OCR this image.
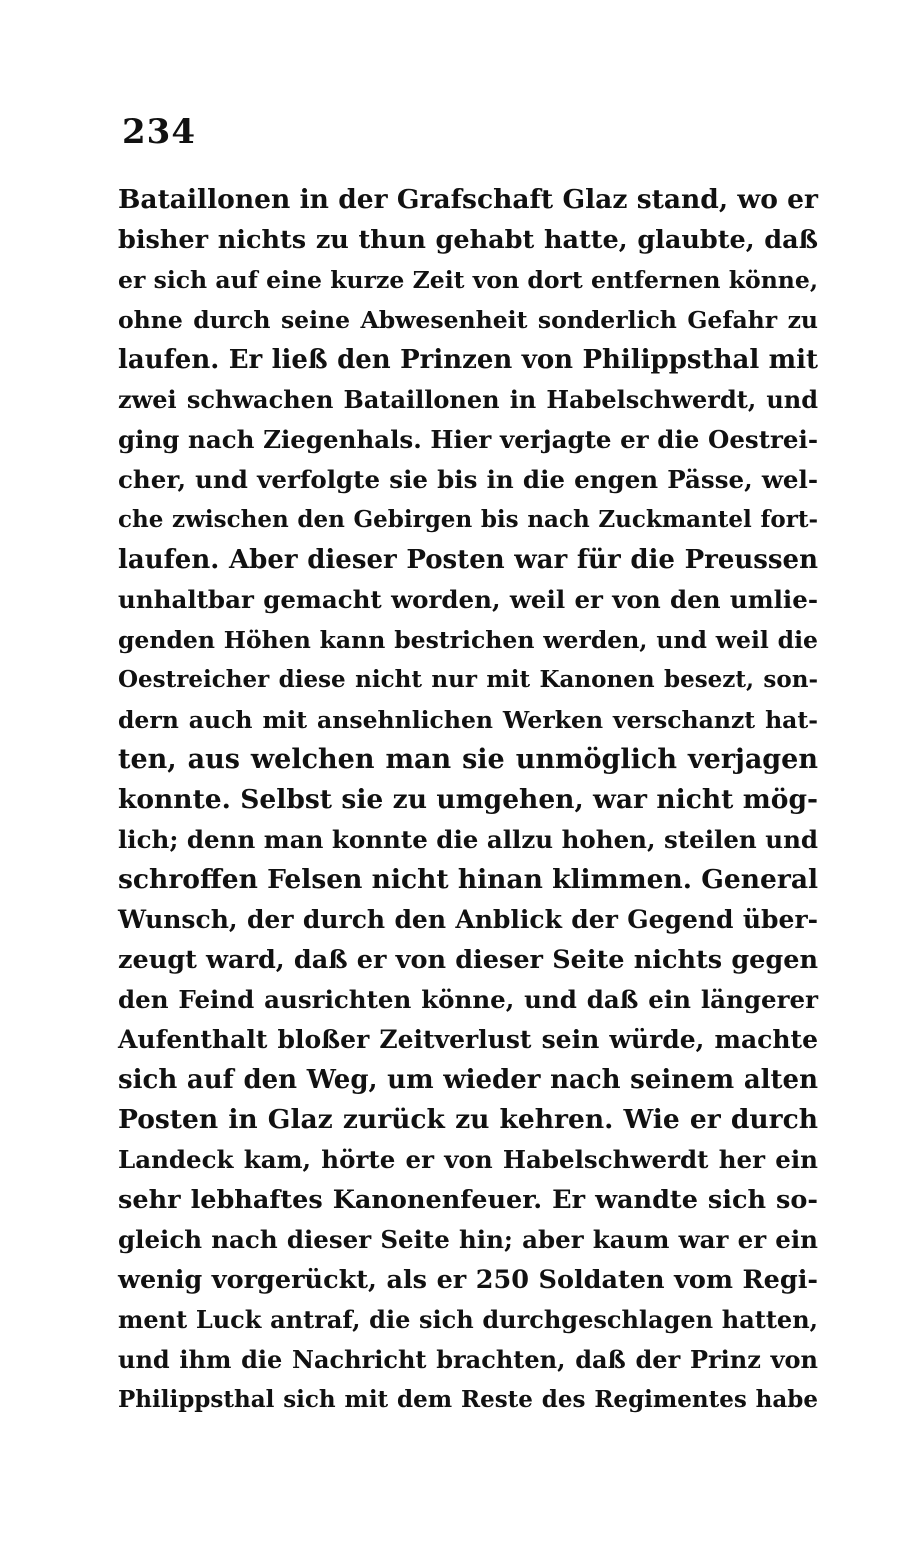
234
Bataillonen in der Grafschaft Glaz stand, wo er
bisher nichts zu thun gehabt hatte, glaubte, daß
er sich auf eine kurze Zeit von dort entfernen könne,
ohne durch seine Abwesenheit sonderlich Gefahr zu
laufen. Er ließ den Prinzen von Philippsthal mit
zwei schwachen Bataillonen in Habelschwerdt, und
ging nach Ziegenhals. Hier verjagte er die Oestrei-
cher, und verfolgte sie bis in die engen Pässe, wel-
che zwischen den Gebirgen bis nach Zuckmantel fort-
laufen. Aber dieser Posten war für die Preussen
unhaltbar gemacht worden, weil er von den umlie-
genden Höhen kann bestrichen werden, und weil die
Oestreicher diese nicht nur mit Kanonen besezt, son-
dern auch mit ansehnlichen Werken verschanzt hat-
ten, aus welchen man sie unmöglich verjagen
konnte. Selbst sie zu umgehen, war nicht mög-
lich; denn man konnte die allzu hohen, steilen und
schroffen Felsen nicht hinan klimmen. General
Wunsch, der durch den Anblick der Gegend über-
zeugt ward, daß er von dieser Seite nichts gegen
den Feind ausrichten könne, und daß ein längerer
Aufenthalt bloßer Zeitverlust sein würde, machte
sich auf den Weg, um wieder nach seinem alten
Posten in Glaz zurück zu kehren. Wie er durch
Landeck kam, hörte er von Habelschwerdt her ein
sehr lebhaftes Kanonenfeuer. Er wandte sich so-
gleich nach dieser Seite hin; aber kaum war er ein
wenig vorgerückt, als er 250 Soldaten vom Regi-
ment Luck antraf, die sich durchgeschlagen hatten,
und ihm die Nachricht brachten, daß der Prinz von
Philippsthal sich mit dem Reste des Regimentes habe
